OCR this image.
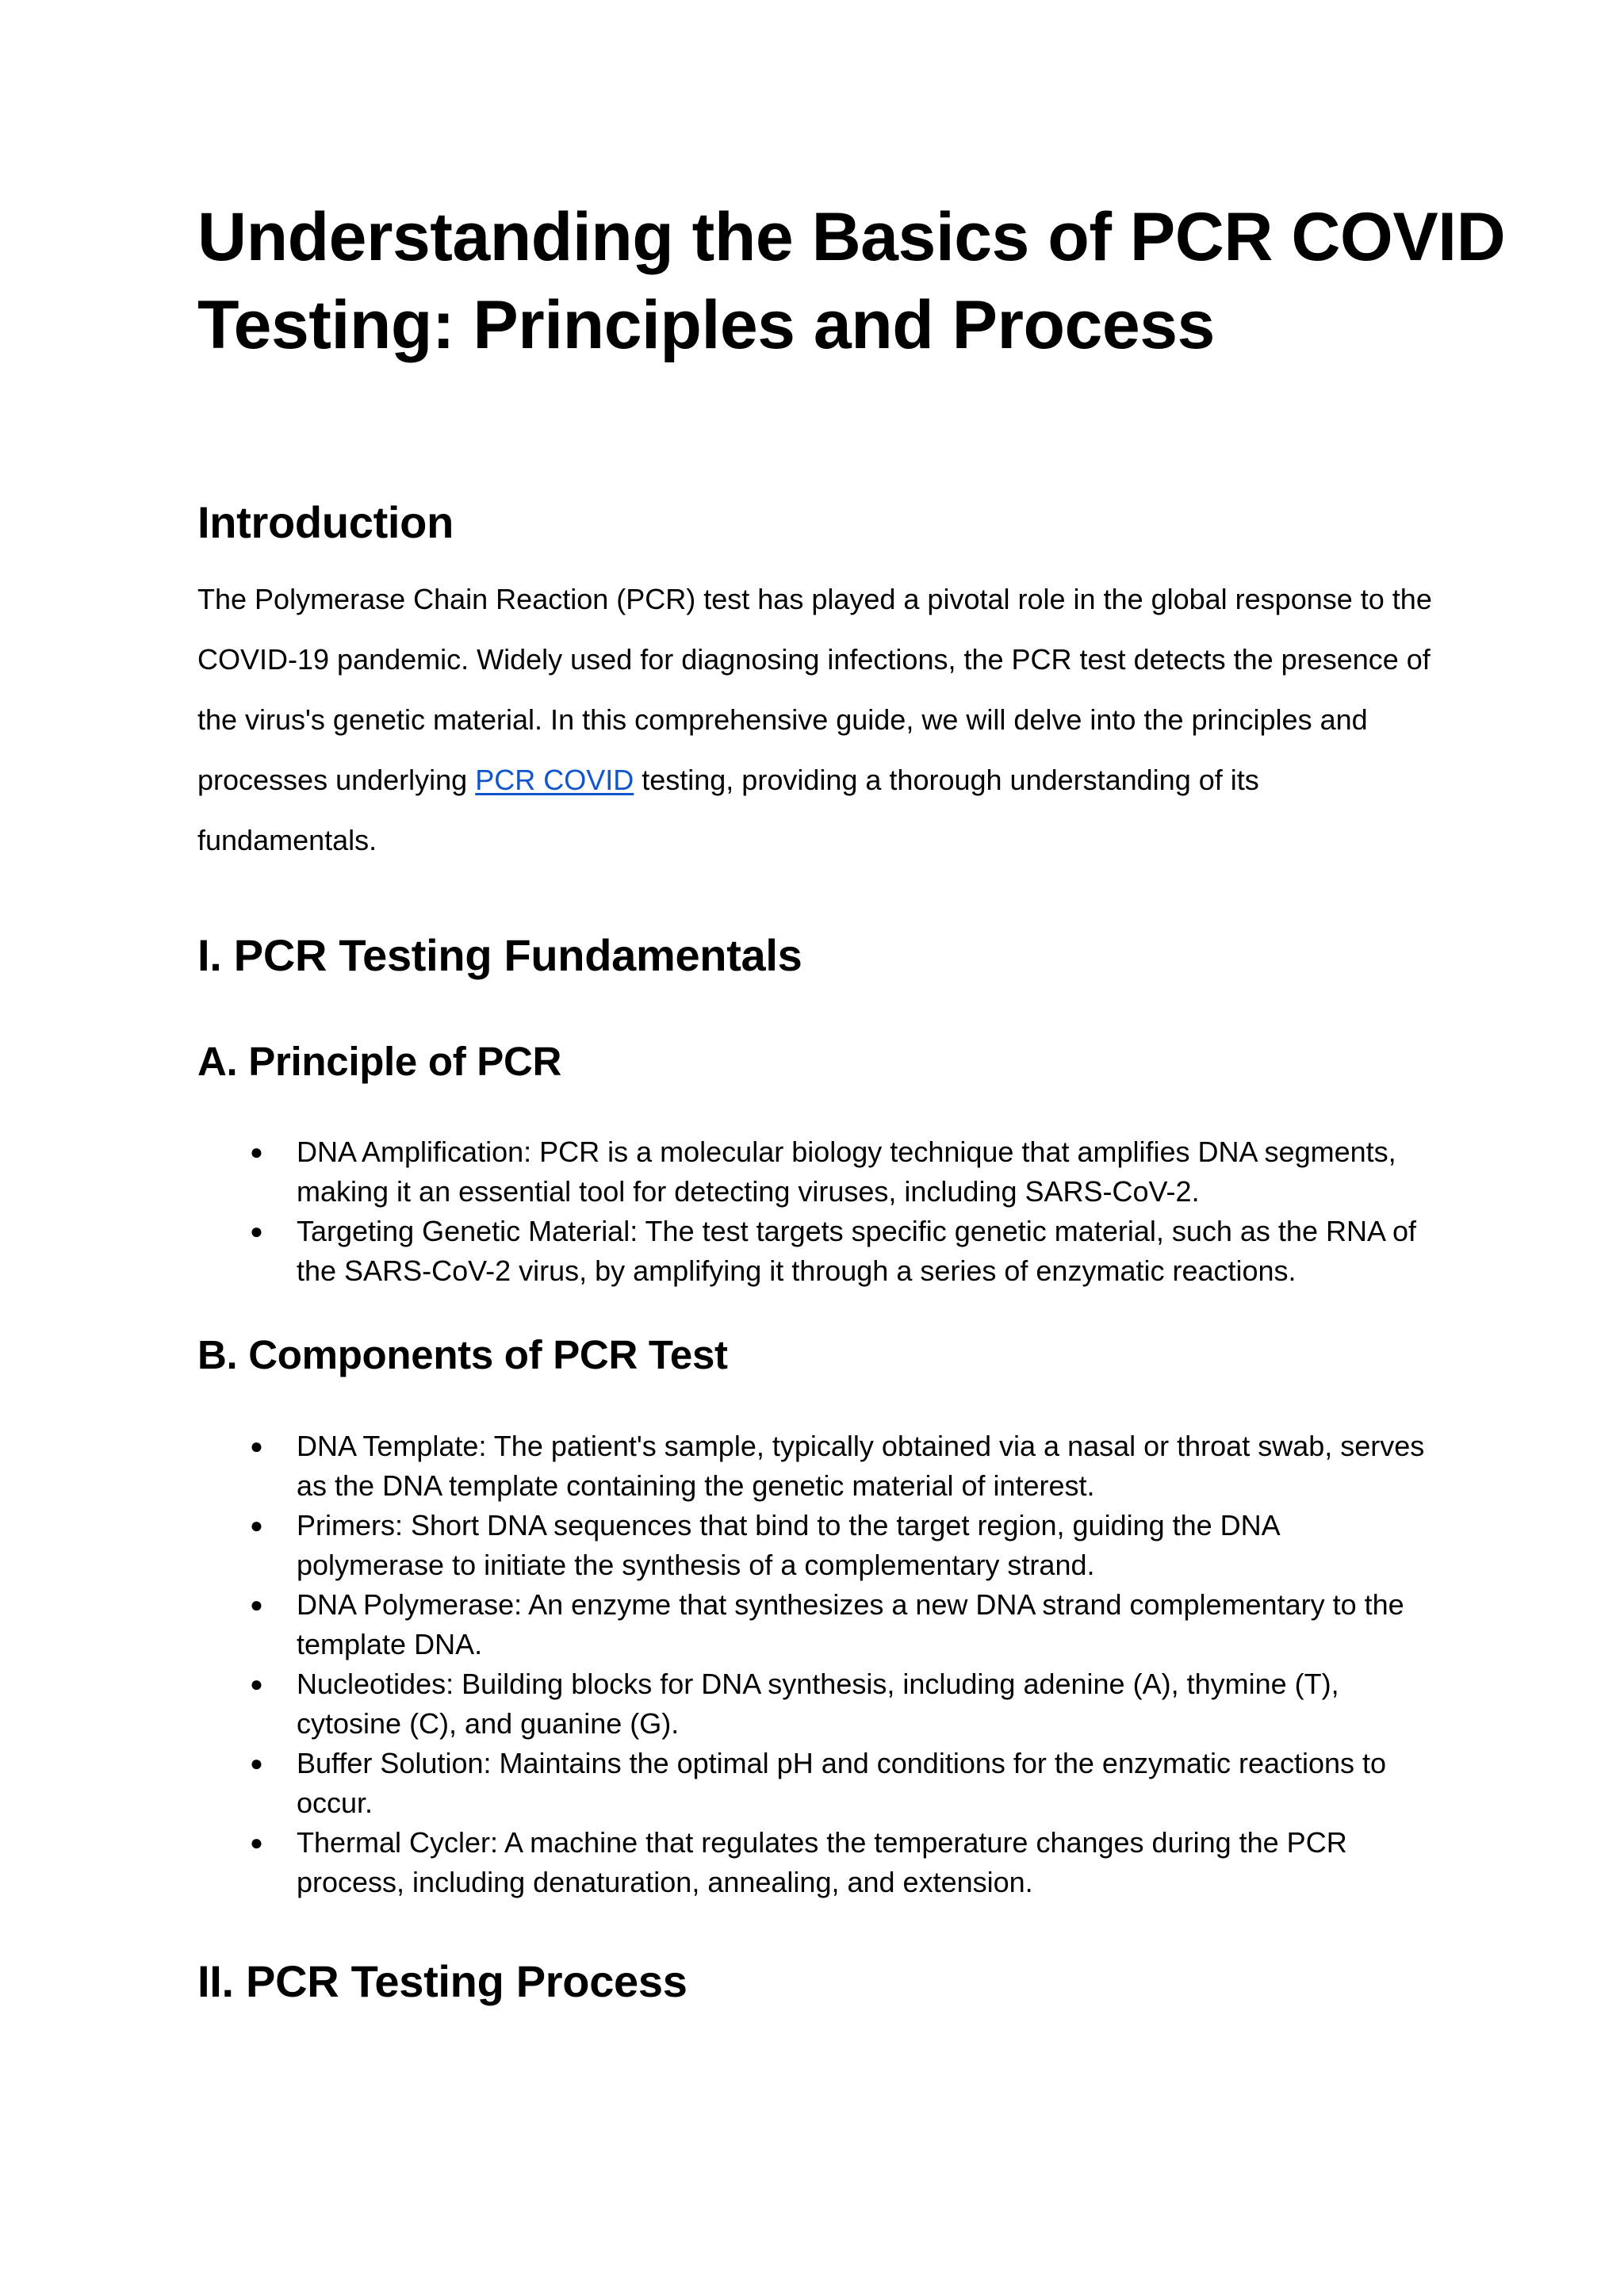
Understanding the Basics of PCR COVID
Testing: Principles and Process
Introduction
The Polymerase Chain Reaction (PCR) test has played a pivotal role in the global response to the
COVID-19 pandemic. Widely used for diagnosing infections, the PCR test detects the presence of
the virus's genetic material. In this comprehensive guide, we will delve into the principles and
processes underlying PCR COVID testing, providing a thorough understanding of its
fundamentals.
I. PCR Testing Fundamentals
A. Principle of PCR
● DNA Amplification: PCR is a molecular biology technique that amplifies DNA segments,
making it an essential tool for detecting viruses, including SARS-CoV-2.
● Targeting Genetic Material: The test targets specific genetic material, such as the RNA of
the SARS-CoV-2 virus, by amplifying it through a series of enzymatic reactions.
B. Components of PCR Test
● DNA Template: The patient's sample, typically obtained via a nasal or throat swab, serves
as the DNA template containing the genetic material of interest.
● Primers: Short DNA sequences that bind to the target region, guiding the DNA
polymerase to initiate the synthesis of a complementary strand.
● DNA Polymerase: An enzyme that synthesizes a new DNA strand complementary to the
template DNA.
● Nucleotides: Building blocks for DNA synthesis, including adenine (A), thymine (T),
cytosine (C), and guanine (G).
● Buffer Solution: Maintains the optimal pH and conditions for the enzymatic reactions to
occur.
● Thermal Cycler: A machine that regulates the temperature changes during the PCR
process, including denaturation, annealing, and extension.
II. PCR Testing Process
